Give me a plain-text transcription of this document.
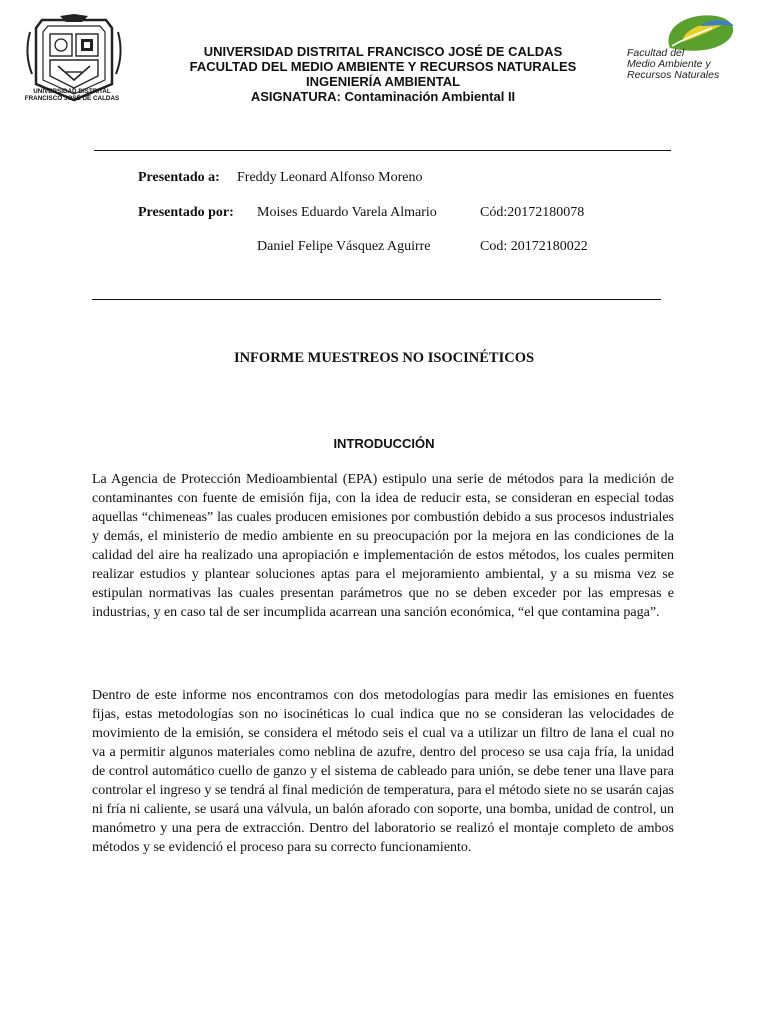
UNIVERSIDAD DISTRITAL
FRANCISCO JOSÉ DE CALDAS
UNIVERSIDAD DISTRITAL FRANCISCO JOSÉ DE CALDAS
FACULTAD DEL MEDIO AMBIENTE Y RECURSOS NATURALES
INGENIERÍA AMBIENTAL
ASIGNATURA: Contaminación Ambiental II
Facultad del
Medio Ambiente y
Recursos Naturales
Presentado a: Freddy Leonard Alfonso Moreno
Presentado por: Moises Eduardo Varela Almario	Cód:20172180078
Daniel Felipe Vásquez Aguirre	Cod: 20172180022
INFORME MUESTREOS NO ISOCINÉTICOS
INTRODUCCIÓN

La Agencia de Protección Medioambiental (EPA) estipulo una serie de métodos para la medición de contaminantes con fuente de emisión fija, con la idea de reducir esta, se consideran en especial todas aquellas “chimeneas” las cuales producen emisiones por combustión debido a sus procesos industriales y demás, el ministerio de medio ambiente en su preocupación por la mejora en las condiciones de la calidad del aire ha realizado una apropiación e implementación de estos métodos, los cuales permiten realizar estudios y plantear soluciones aptas para el mejoramiento ambiental, y a su misma vez se estipulan normativas las cuales presentan parámetros que no se deben exceder por las empresas e industrias, y en caso tal de ser incumplida acarrean una sanción económica, “el que contamina paga”.

Dentro de este informe nos encontramos con dos metodologías para medir las emisiones en fuentes fijas, estas metodologías son no isocinéticas lo cual indica que no se consideran las velocidades de movimiento de la emisión, se considera el método seis el cual va a utilizar un filtro de lana el cual no va a permitir algunos materiales como neblina de azufre, dentro del proceso se usa caja fría, la unidad de control automático cuello de ganzo y el sistema de cableado para unión, se debe tener una llave para controlar el ingreso y se tendrá al final medición de temperatura, para el método siete no se usarán cajas ni fría ni caliente, se usará una válvula, un balón aforado con soporte, una bomba, unidad de control, un manómetro y una pera de extracción. Dentro del laboratorio se realizó el montaje completo de ambos métodos y se evidenció el proceso para su correcto funcionamiento.
